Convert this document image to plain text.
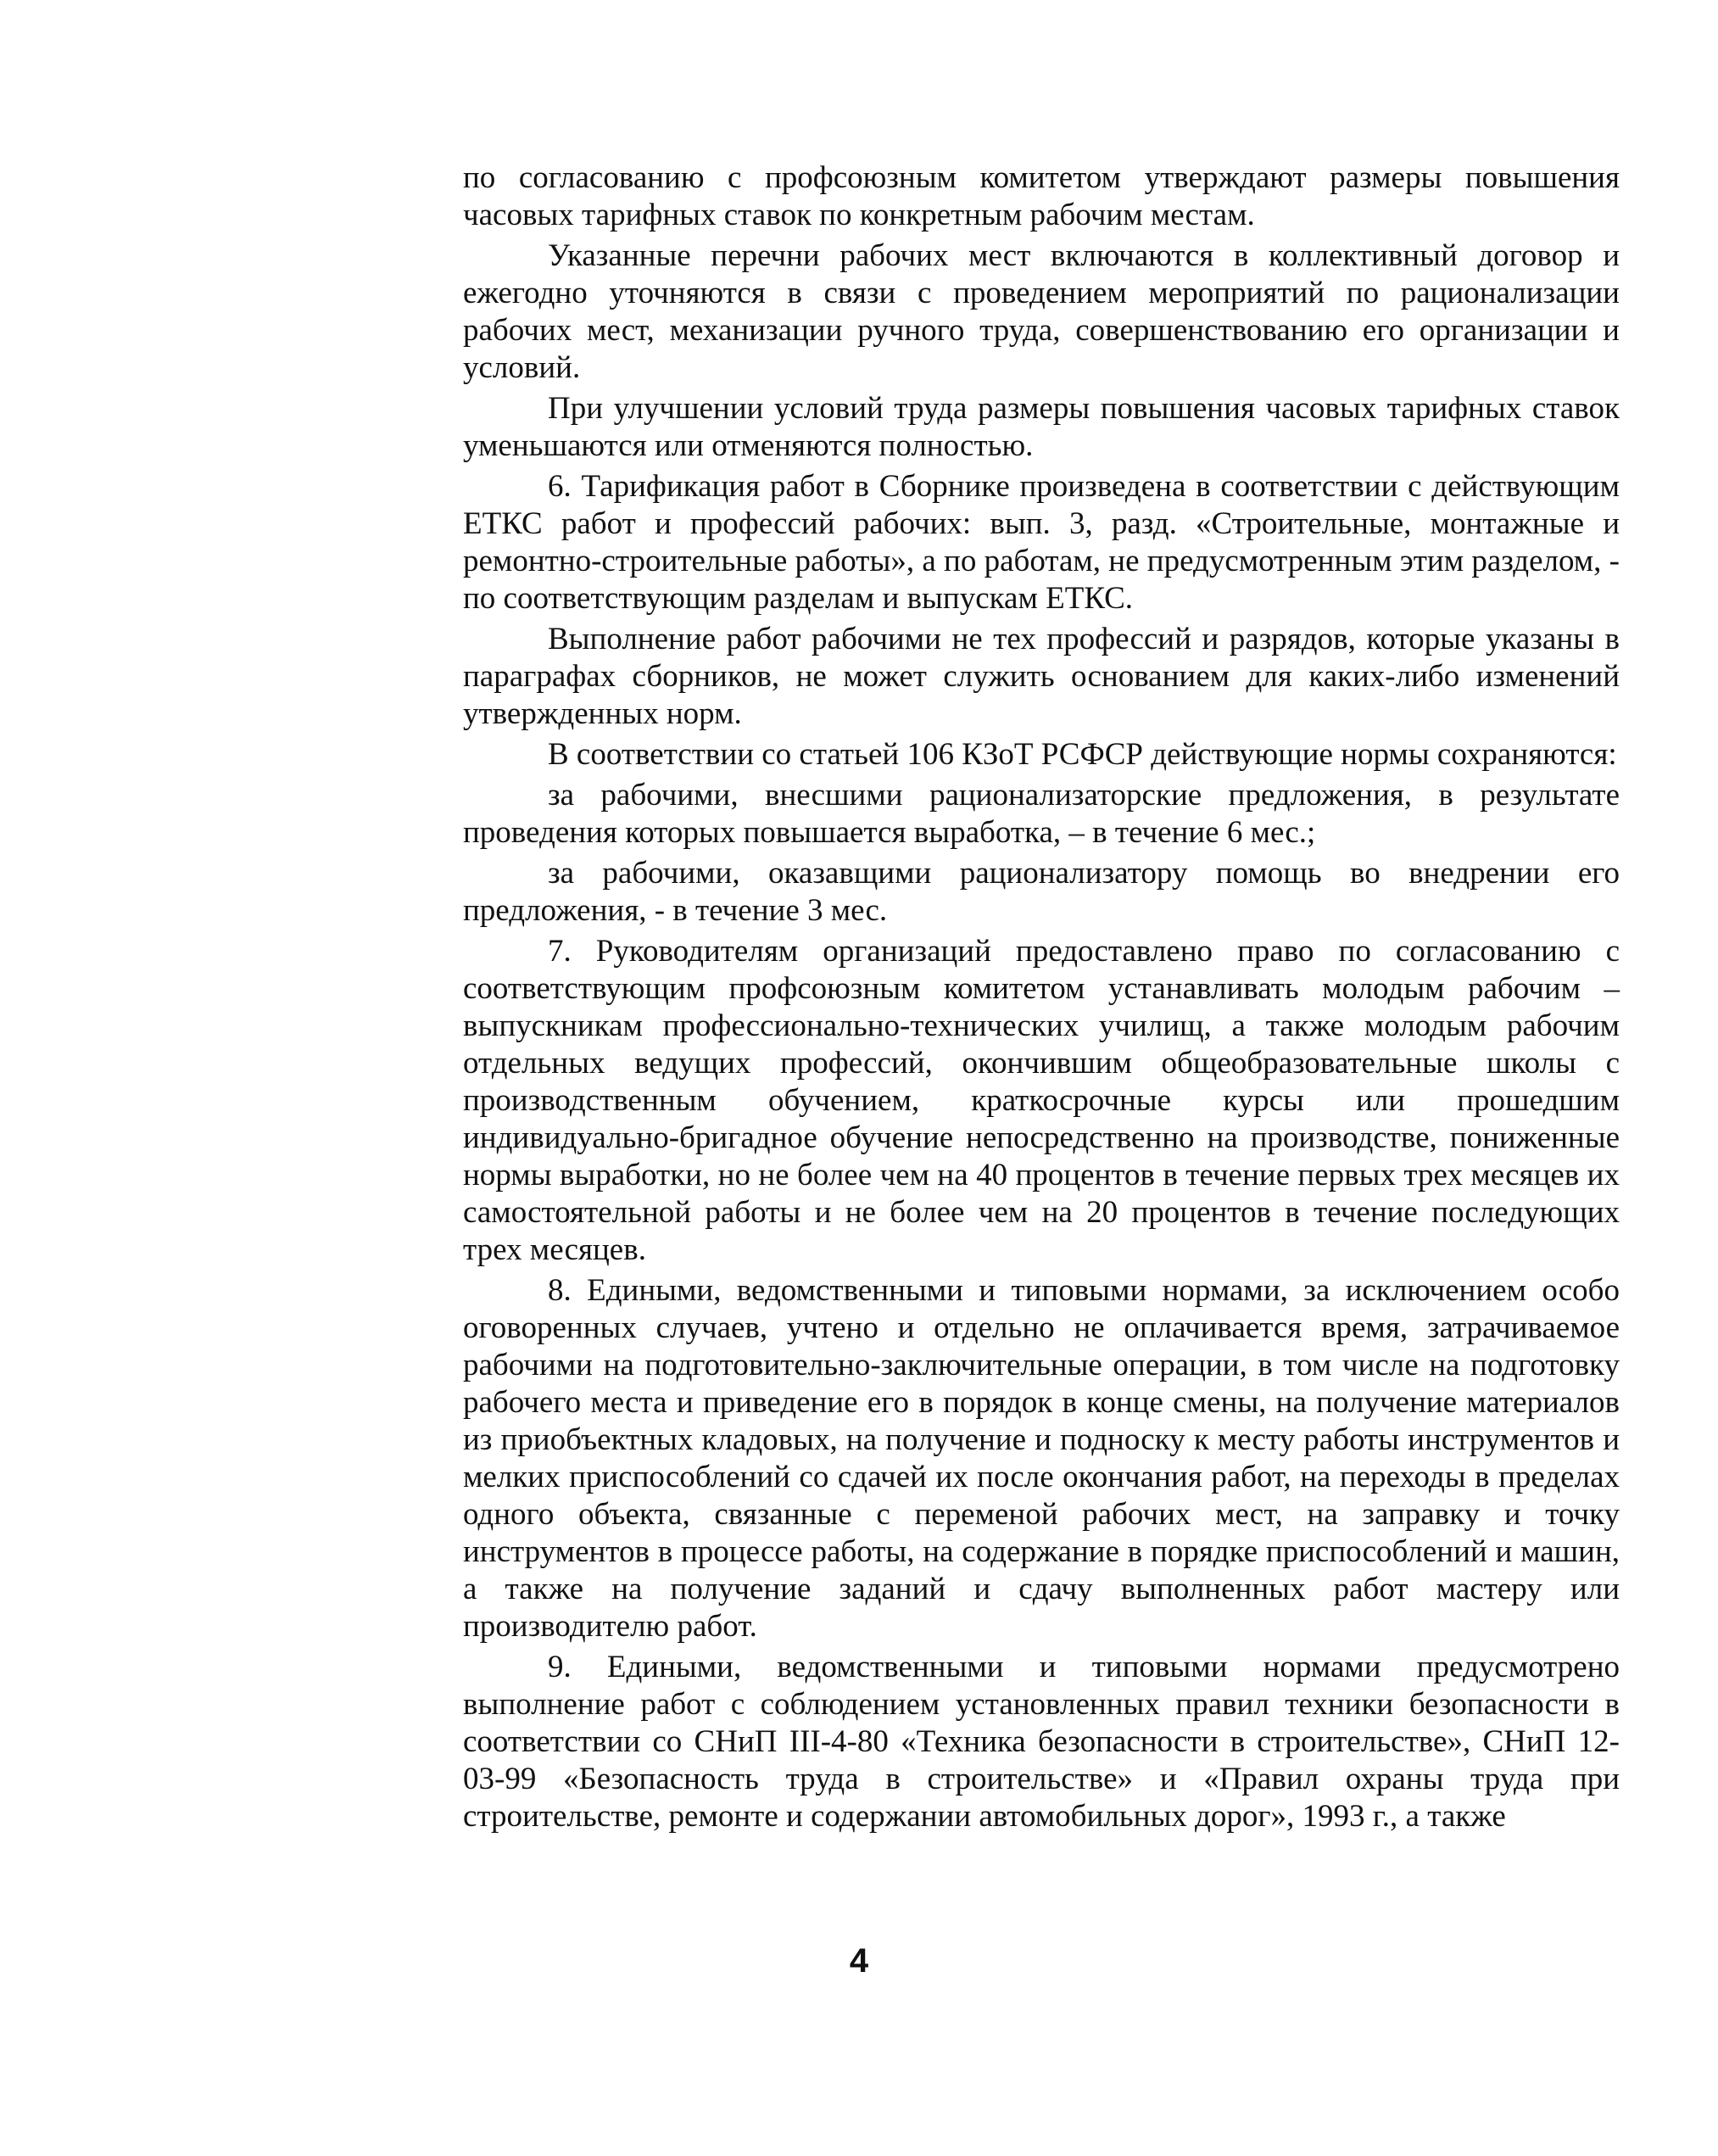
по согласованию с профсоюзным комитетом утверждают размеры повышения часовых тарифных ставок по конкретным рабочим местам.

Указанные перечни рабочих мест включаются в коллективный договор и ежегодно уточняются в связи с проведением мероприятий по рационализации рабочих мест, механизации ручного труда, совершенствованию его организации и условий.

При улучшении условий труда размеры повышения часовых тарифных ставок уменьшаются или отменяются полностью.

6. Тарификация работ в Сборнике произведена в соответствии с действующим ЕТКС работ и профессий рабочих: вып. 3, разд. «Строительные, монтажные и ремонтно-строительные работы», а по работам, не предусмотренным этим разделом, - по соответствующим разделам и выпускам ЕТКС.

Выполнение работ рабочими не тех профессий и разрядов, которые указаны в параграфах сборников, не может служить основанием для каких-либо изменений утвержденных норм.

В соответствии со статьей 106 КЗоТ РСФСР действующие нормы сохраняются:

за рабочими, внесшими рационализаторские предложения, в результате проведения которых повышается выработка, – в течение 6 мес.;

за рабочими, оказавщими рационализатору помощь во внедрении его предложения, - в течение 3 мес.

7. Руководителям организаций предоставлено право по согласованию с соответствующим профсоюзным комитетом устанавливать молодым рабочим – выпускникам профессионально-технических училищ, а также молодым рабочим отдельных ведущих профессий, окончившим общеобразовательные школы с производственным обучением, краткосрочные курсы или прошедшим индивидуально-бригадное обучение непосредственно на производстве, пониженные нормы выработки, но не более чем на 40 процентов в течение первых трех месяцев их самостоятельной работы и не более чем на 20 процентов в течение последующих трех месяцев.

8. Едиными, ведомственными и типовыми нормами, за исключением особо оговоренных случаев, учтено и отдельно не оплачивается время, затрачиваемое рабочими на подготовительно-заключительные операции, в том числе на подготовку рабочего места и приведение его в порядок в конце смены, на получение материалов из приобъектных кладовых, на получение и подноску к месту работы инструментов и мелких приспособлений со сдачей их после окончания работ, на переходы в пределах одного объекта, связанные с переменой рабочих мест, на заправку и точку инструментов в процессе работы, на содержание в порядке приспособлений и машин, а также на получение заданий и сдачу выполненных работ мастеру или производителю работ.

9. Едиными, ведомственными и типовыми нормами предусмотрено выполнение работ с соблюдением установленных правил техники безопасности в соответствии со СНиП III-4-80 «Техника безопасности в строительстве», СНиП 12-03-99 «Безопасность труда в строительстве» и «Правил охраны труда при строительстве, ремонте и содержании автомобильных дорог», 1993 г., а также

4
